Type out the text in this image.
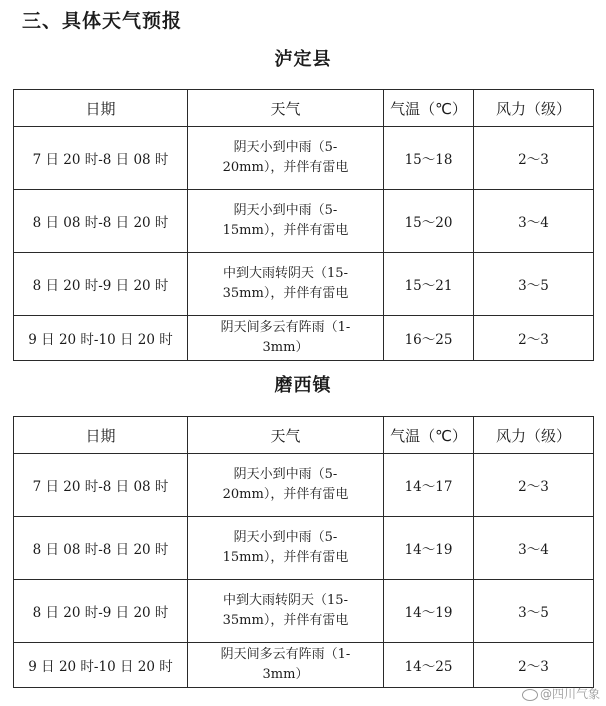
三、具体天气预报
泸定县
日期	天气	气温（℃）	风力（级）
7 日 20 时-8 日 08 时	阴天小到中雨（5-20mm），并伴有雷电	15～18	2～3
8 日 08 时-8 日 20 时	阴天小到中雨（5-15mm），并伴有雷电	15～20	3～4
8 日 20 时-9 日 20 时	中到大雨转阴天（15-35mm），并伴有雷电	15～21	3～5
9 日 20 时-10 日 20 时	阴天间多云有阵雨（1-3mm）	16～25	2～3
磨西镇
日期	天气	气温（℃）	风力（级）
7 日 20 时-8 日 08 时	阴天小到中雨（5-20mm），并伴有雷电	14～17	2～3
8 日 08 时-8 日 20 时	阴天小到中雨（5-15mm），并伴有雷电	14～19	3～4
8 日 20 时-9 日 20 时	中到大雨转阴天（15-35mm），并伴有雷电	14～19	3～5
9 日 20 时-10 日 20 时	阴天间多云有阵雨（1-3mm）	14～25	2～3
@四川气象
